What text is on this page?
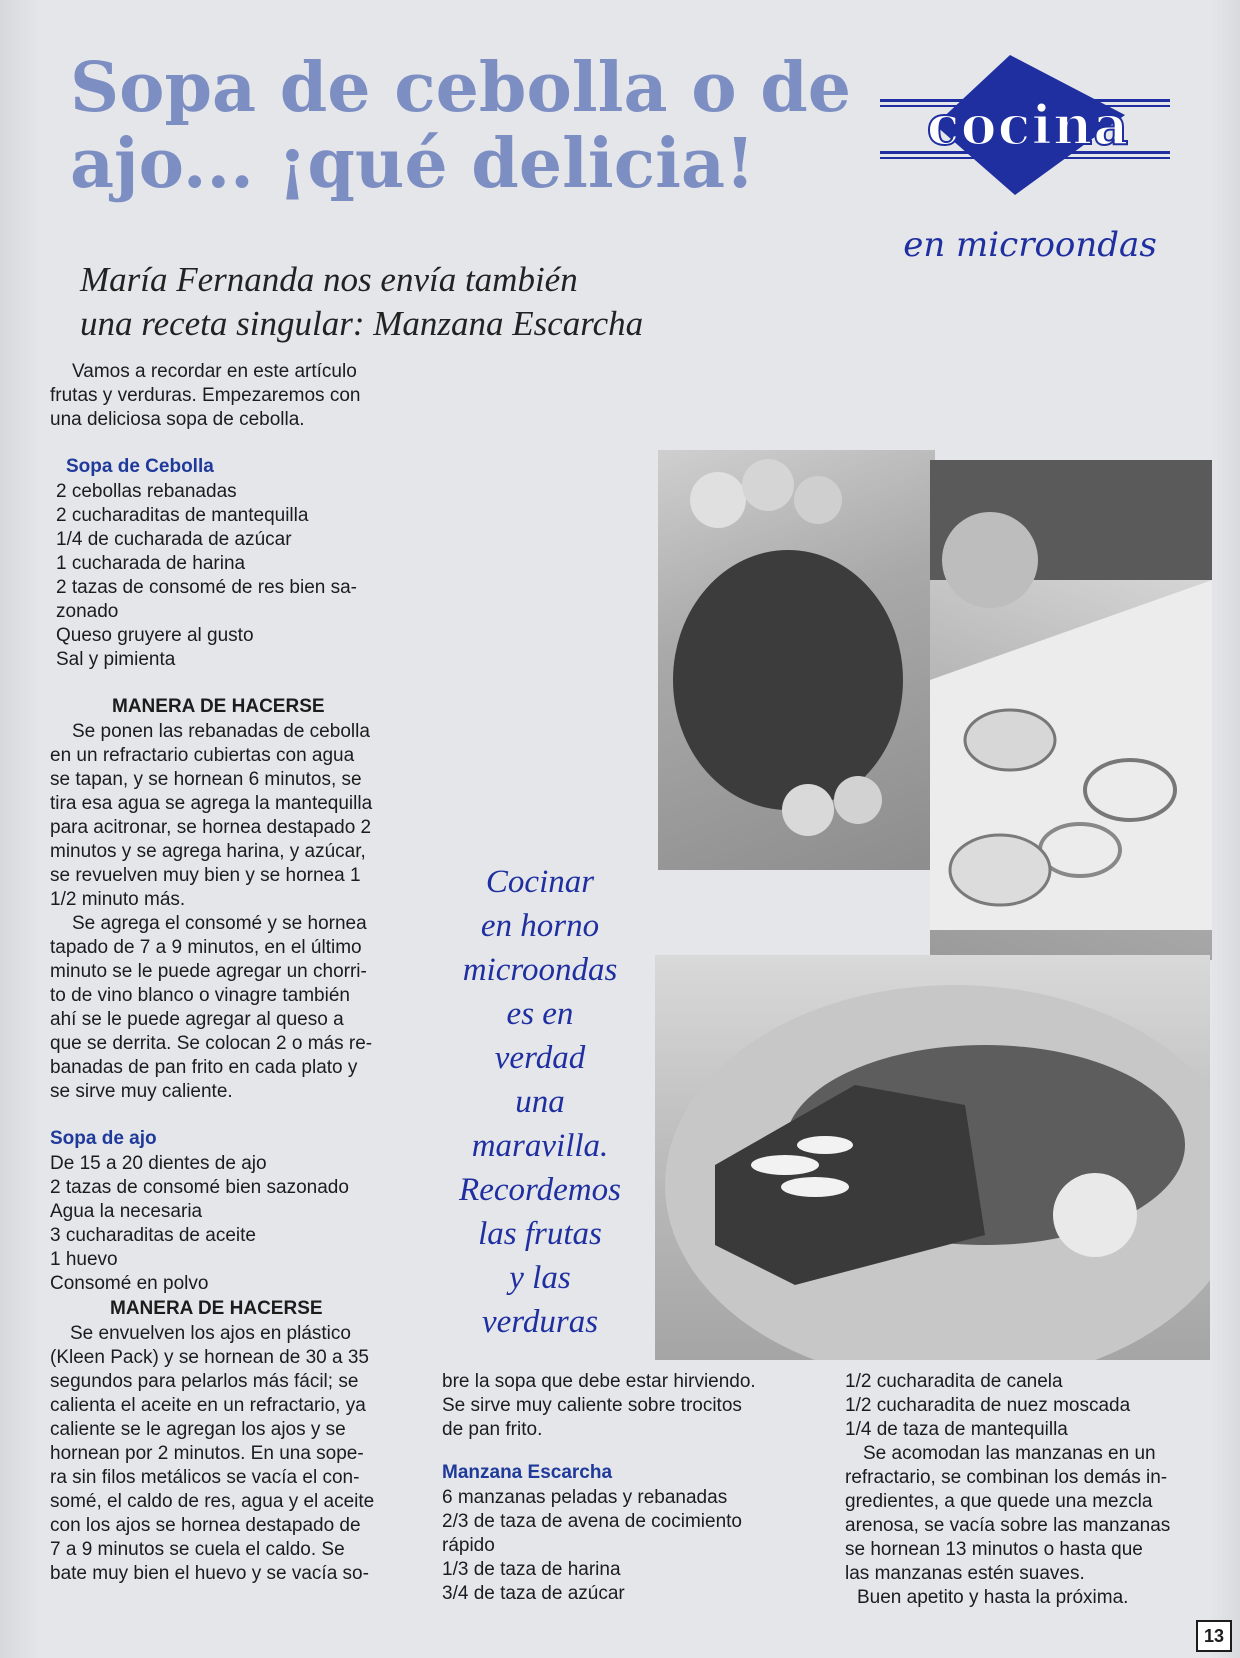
Sopa de cebolla o de
ajo... ¡qué delicia!	cocina
en microondas
María Fernanda nos envía también
una receta singular: Manzana Escarcha
Vamos a recordar en este artículo
frutas y verduras. Empezaremos con
una deliciosa sopa de cebolla.
Sopa de Cebolla
2 cebollas rebanadas
2 cucharaditas de mantequilla
1/4 de cucharada de azúcar
1 cucharada de harina
2 tazas de consomé de res bien sa-
zonado
Queso gruyere al gusto
Sal y pimienta
MANERA DE HACERSE
Se ponen las rebanadas de cebolla
en un refractario cubiertas con agua
se tapan, y se hornean 6 minutos, se
tira esa agua se agrega la mantequilla
para acitronar, se hornea destapado 2
minutos y se agrega harina, y azúcar,
se revuelven muy bien y se hornea 1
1/2 minuto más.
Se agrega el consomé y se hornea
tapado de 7 a 9 minutos, en el último
minuto se le puede agregar un chorri-
to de vino blanco o vinagre también
ahí se le puede agregar al queso a
que se derrita. Se colocan 2 o más re-
banadas de pan frito en cada plato y
se sirve muy caliente.
Sopa de ajo
De 15 a 20 dientes de ajo
2 tazas de consomé bien sazonado
Agua la necesaria
3 cucharaditas de aceite
1 huevo
Consomé en polvo
MANERA DE HACERSE
Se envuelven los ajos en plástico
(Kleen Pack) y se hornean de 30 a 35
segundos para pelarlos más fácil; se
calienta el aceite en un refractario, ya
caliente se le agregan los ajos y se
hornean por 2 minutos. En una sope-
ra sin filos metálicos se vacía el con-
somé, el caldo de res, agua y el aceite
con los ajos se hornea destapado de
7 a 9 minutos se cuela el caldo. Se
bate muy bien el huevo y se vacía so-
Cocinar
en horno
microondas
es en
verdad
una
maravilla.
Recordemos
las frutas
y las
verduras
bre la sopa que debe estar hirviendo.
Se sirve muy caliente sobre trocitos
de pan frito.
Manzana Escarcha
6 manzanas peladas y rebanadas
2/3 de taza de avena de cocimiento
rápido
1/3 de taza de harina
3/4 de taza de azúcar
1/2 cucharadita de canela
1/2 cucharadita de nuez moscada
1/4 de taza de mantequilla
Se acomodan las manzanas en un
refractario, se combinan los demás in-
gredientes, a que quede una mezcla
arenosa, se vacía sobre las manzanas
se hornean 13 minutos o hasta que
las manzanas estén suaves.
Buen apetito y hasta la próxima.
13
